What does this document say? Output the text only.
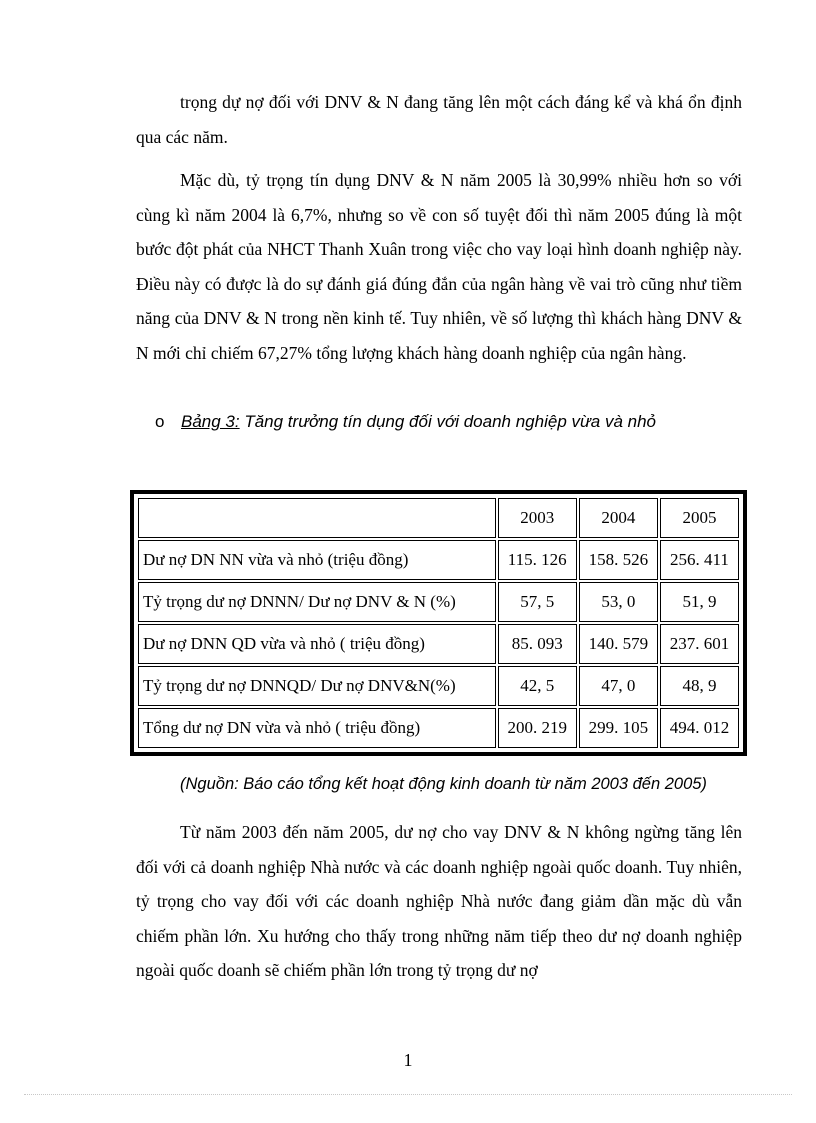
trọng dự nợ đối với DNV & N đang tăng lên một cách đáng kể và khá ổn định qua các năm.

Mặc dù, tỷ trọng tín dụng DNV & N năm 2005 là 30,99% nhiều hơn so với cùng kì năm 2004 là 6,7%, nhưng so về con số tuyệt đối thì năm 2005 đúng là một bước đột phát của NHCT Thanh Xuân trong việc cho vay loại hình doanh nghiệp này. Điều này có được là do sự đánh giá đúng đắn của ngân hàng về vai trò cũng như tiềm năng của DNV & N trong nền kinh tế. Tuy nhiên, về số lượng thì khách hàng DNV & N mới chỉ chiếm 67,27% tổng lượng khách hàng doanh nghiệp của ngân hàng.

o Bảng 3: Tăng trưởng tín dụng đối với doanh nghiệp vừa và nhỏ
	2003	2004	2005
Dư nợ DN NN vừa và nhỏ (triệu đồng)	115. 126	158. 526	256. 411
Tỷ trọng dư nợ DNNN/ Dư nợ DNV & N (%)	57, 5	53, 0	51, 9
Dư nợ DNN QD vừa và nhỏ ( triệu đồng)	85. 093	140. 579	237. 601
Tỷ trọng dư nợ DNNQD/ Dư nợ DNV&N(%)	42, 5	47, 0	48, 9
Tổng dư nợ DN vừa và nhỏ ( triệu đồng)	200. 219	299. 105	494. 012
(Nguồn: Báo cáo tổng kết hoạt động kinh doanh từ năm 2003 đến 2005)

Từ năm 2003 đến năm 2005, dư nợ cho vay DNV & N không ngừng tăng lên đối với cả doanh nghiệp Nhà nước và các doanh nghiệp ngoài quốc doanh. Tuy nhiên, tỷ trọng cho vay đối với các doanh nghiệp Nhà nước đang giảm dần mặc dù vẫn chiếm phần lớn. Xu hướng cho thấy trong những năm tiếp theo dư nợ doanh nghiệp ngoài quốc doanh sẽ chiếm phần lớn trong tỷ trọng dư nợ

1
